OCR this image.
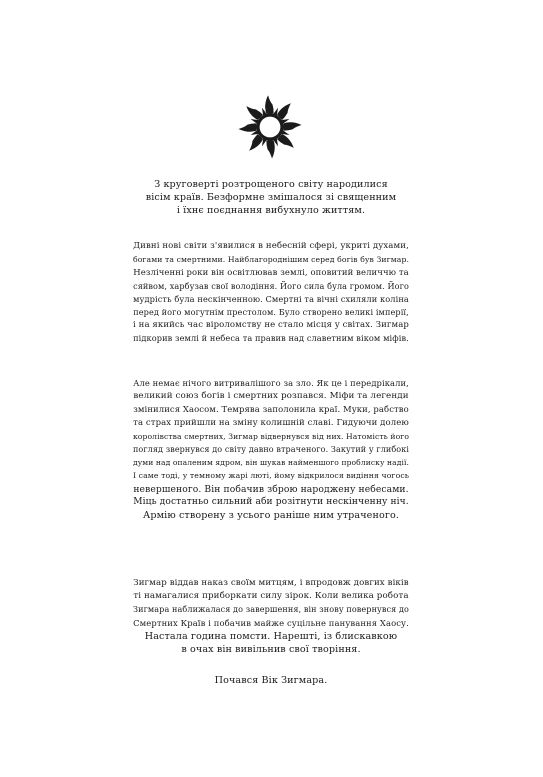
З круговерті розтрощеного світу народилися
вісім країв. Безформне змішалося зі священним
і їхнє поєднання вибухнуло життям.
Дивні нові світи з'явилися в небесній сфері, укриті духами,
богами та смертними. Найблагороднішим серед богів був Зигмар.
Незліченні роки він освітлював землі, оповитий величчю та
сяйвом, харбузав свої володіння. Його сила була громом. Його
мудрість була нескінченною. Смертні та вічні схиляли коліна
перед його могутнім престолом. Було створено великі імперії,
і на якийсь час віроломству не стало місця у світах. Зигмар
підкорив землі й небеса та правив над славетним віком міфів.
Але немає нічого витривалішого за зло. Як це і передрікали,
великий союз богів і смертних розпався. Міфи та легенди
змінилися Хаосом. Темрява заполонила краї. Муки, рабство
та страх прийшли на зміну колишній славі. Гидуючи долею
королівства смертних, Зигмар відвернувся від них. Натомість його
погляд звернувся до світу давно втраченого. Закутий у глибокі
думи над опаленим ядром, він шукав найменшого проблиску надії.
І саме тоді, у темному жарі люті, йому відкрилося видіння чогось
невершеного. Він побачив зброю народжену небесами.
Міць достатньо сильний аби розітнути нескінченну ніч.
Армію створену з усього раніше ним утраченого.
Зигмар віддав наказ своїм митцям, і впродовж довгих віків
ті намагалися приборкати силу зірок. Коли велика робота
Зигмара наближалася до завершення, він знову повернувся до
Смертних Країв і побачив майже суцільне панування Хаосу.
Настала година помсти. Нарешті, із блискавкою
в очах він вивільнив свої творіння.
Почався Вік Зигмара.
